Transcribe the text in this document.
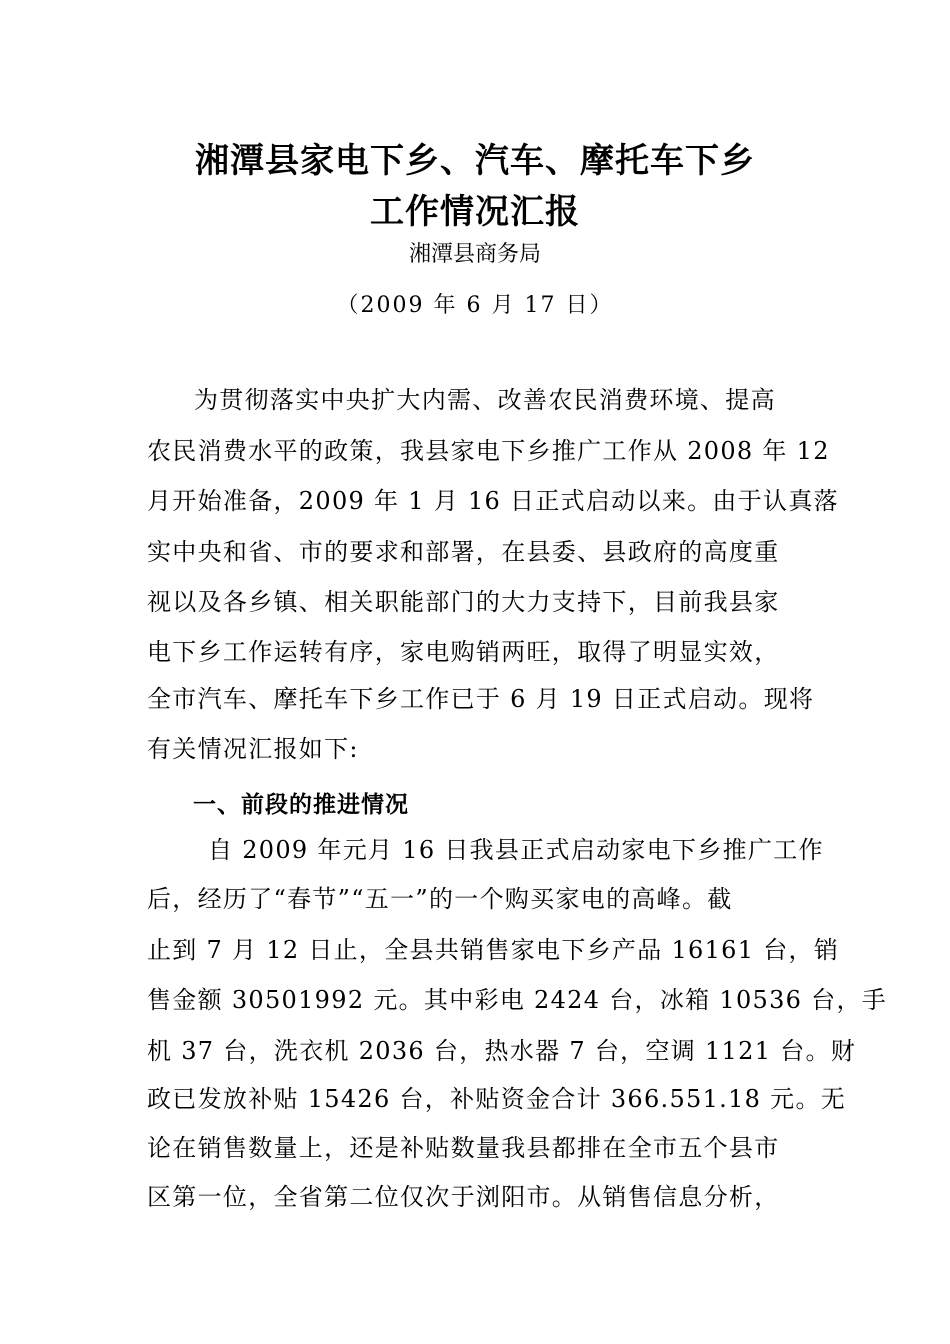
湘潭县家电下乡、汽车、摩托车下乡
工作情况汇报
湘潭县商务局
（2009 年 6 月 17 日）
为贯彻落实中央扩大内需、改善农民消费环境、提高
农民消费水平的政策，我县家电下乡推广工作从 2008 年 12
月开始准备，2009 年 1 月 16 日正式启动以来。由于认真落
实中央和省、市的要求和部署，在县委、县政府的高度重
视以及各乡镇、相关职能部门的大力支持下，目前我县家
电下乡工作运转有序，家电购销两旺，取得了明显实效，
全市汽车、摩托车下乡工作已于 6 月 19 日正式启动。现将
有关情况汇报如下:
一、前段的推进情况
自 2009 年元月 16 日我县正式启动家电下乡推广工作
后，经历了“春节”“五一”的一个购买家电的高峰。截
止到 7 月 12 日止，全县共销售家电下乡产品 16161 台，销
售金额 30501992 元。其中彩电 2424 台，冰箱 10536 台，手
机 37 台，洗衣机 2036 台，热水器 7 台，空调 1121 台。财
政已发放补贴 15426 台，补贴资金合计 366.551.18 元。无
论在销售数量上，还是补贴数量我县都排在全市五个县市
区第一位，全省第二位仅次于浏阳市。从销售信息分析，
